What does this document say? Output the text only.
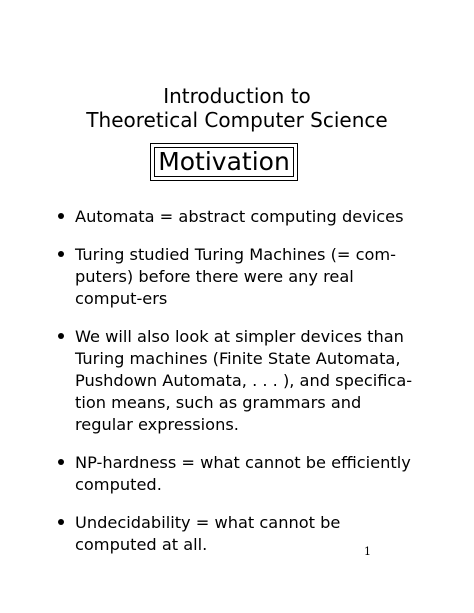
Introduction to
Theoretical Computer Science
Motivation
Automata = abstract computing devices
Turing studied Turing Machines (= com-puters) before there were any real comput-ers
We will also look at simpler devices than Turing machines (Finite State Automata, Pushdown Automata, . . . ), and specifica-tion means, such as grammars and regular expressions.
NP-hardness = what cannot be efficiently computed.
Undecidability = what cannot be computed at all.	1
